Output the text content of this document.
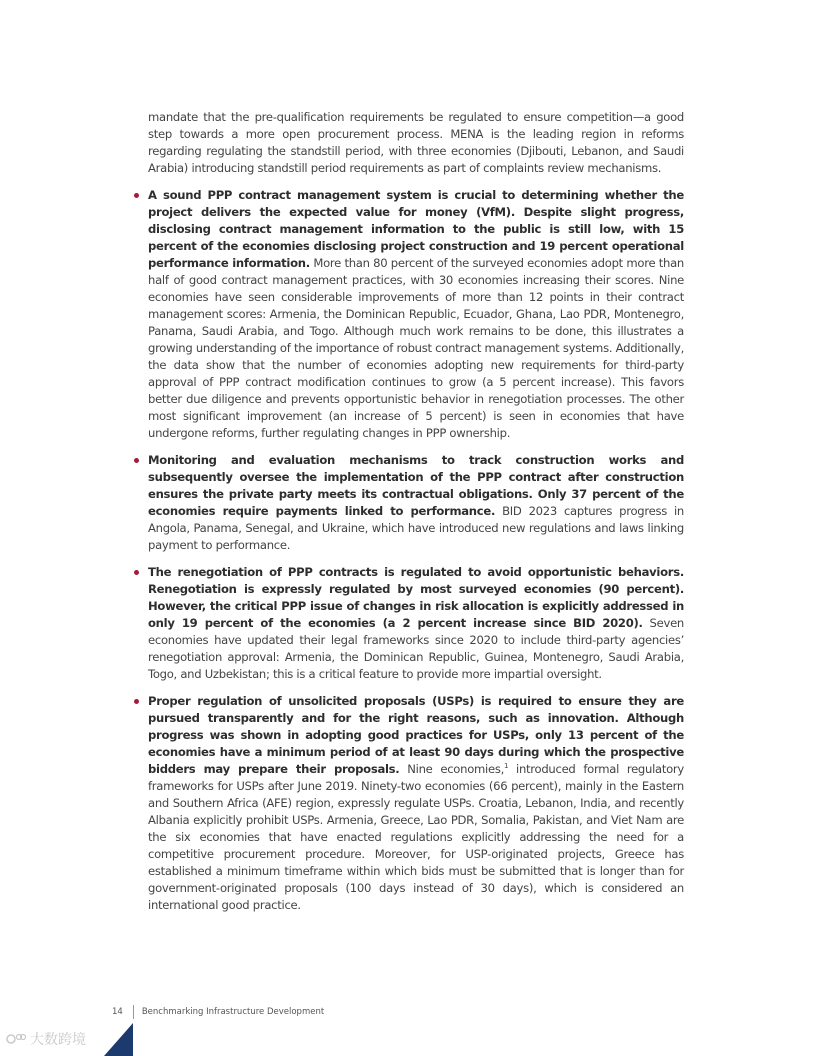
mandate that the pre-qualification requirements be regulated to ensure competition—a good step towards a more open procurement process. MENA is the leading region in reforms regarding regulating the standstill period, with three economies (Djibouti, Lebanon, and Saudi Arabia) introducing standstill period requirements as part of complaints review mechanisms.

A sound PPP contract management system is crucial to determining whether the project delivers the expected value for money (VfM). Despite slight progress, disclosing contract management information to the public is still low, with 15 percent of the economies disclosing project construction and 19 percent operational performance information. More than 80 percent of the surveyed economies adopt more than half of good contract management practices, with 30 economies increasing their scores. Nine economies have seen considerable improvements of more than 12 points in their contract management scores: Armenia, the Dominican Republic, Ecuador, Ghana, Lao PDR, Montenegro, Panama, Saudi Arabia, and Togo. Although much work remains to be done, this illustrates a growing understanding of the importance of robust contract management systems. Additionally, the data show that the number of economies adopting new requirements for third-party approval of PPP contract modification continues to grow (a 5 percent increase). This favors better due diligence and prevents opportunistic behavior in renegotiation processes. The other most significant improvement (an increase of 5 percent) is seen in economies that have undergone reforms, further regulating changes in PPP ownership.
Monitoring and evaluation mechanisms to track construction works and subsequently oversee the implementation of the PPP contract after construction ensures the private party meets its contractual obligations. Only 37 percent of the economies require payments linked to performance. BID 2023 captures progress in Angola, Panama, Senegal, and Ukraine, which have introduced new regulations and laws linking payment to performance.
The renegotiation of PPP contracts is regulated to avoid opportunistic behaviors. Renegotiation is expressly regulated by most surveyed economies (90 percent). However, the critical PPP issue of changes in risk allocation is explicitly addressed in only 19 percent of the economies (a 2 percent increase since BID 2020). Seven economies have updated their legal frameworks since 2020 to include third-party agencies’ renegotiation approval: Armenia, the Dominican Republic, Guinea, Montenegro, Saudi Arabia, Togo, and Uzbekistan; this is a critical feature to provide more impartial oversight.
Proper regulation of unsolicited proposals (USPs) is required to ensure they are pursued transparently and for the right reasons, such as innovation. Although progress was shown in adopting good practices for USPs, only 13 percent of the economies have a minimum period of at least 90 days during which the prospective bidders may prepare their proposals. Nine economies,$^1$ introduced formal regulatory frameworks for USPs after June 2019. Ninety-two economies (66 percent), mainly in the Eastern and Southern Africa (AFE) region, expressly regulate USPs. Croatia, Lebanon, India, and recently Albania explicitly prohibit USPs. Armenia, Greece, Lao PDR, Somalia, Pakistan, and Viet Nam are the six economies that have enacted regulations explicitly addressing the need for a competitive procurement procedure. Moreover, for USP-originated projects, Greece has established a minimum timeframe within which bids must be submitted that is longer than for government-originated proposals (100 days instead of 30 days), which is considered an international good practice.
14	Benchmarking Infrastructure Development
大数跨境
